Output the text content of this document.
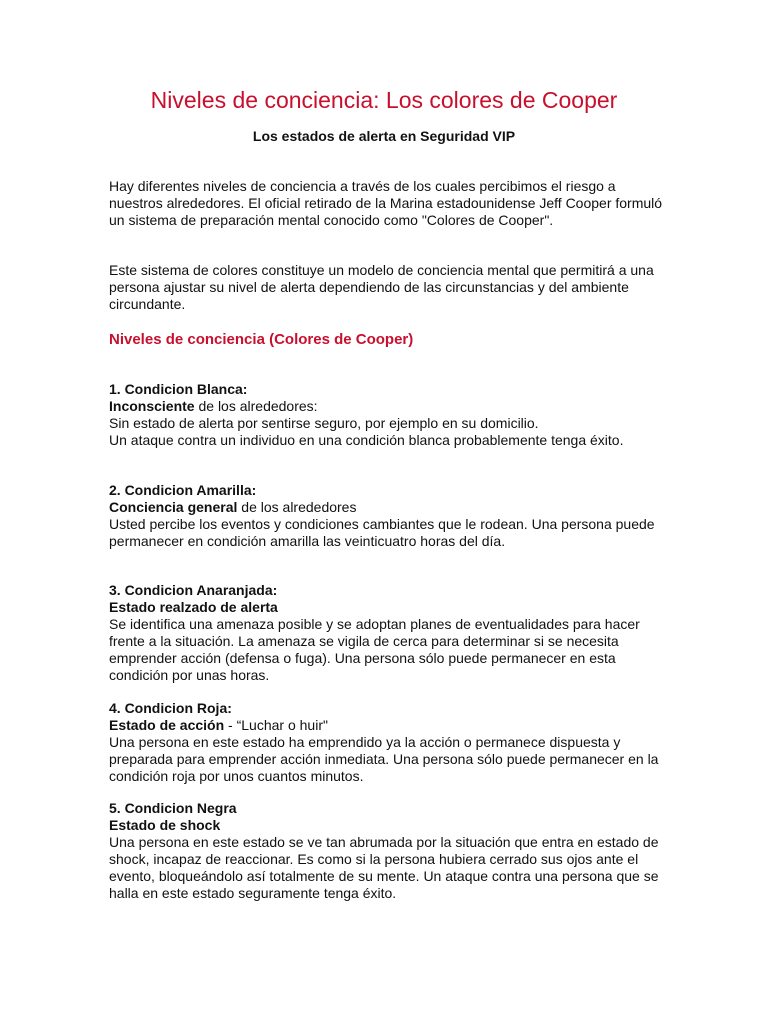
Niveles de conciencia: Los colores de Cooper
Los estados de alerta en Seguridad VIP

Hay diferentes niveles de conciencia a través de los cuales percibimos el riesgo a nuestros alrededores. El oficial retirado de la Marina estadounidense Jeff Cooper formuló un sistema de preparación mental conocido como "Colores de Cooper".

Este sistema de colores constituye un modelo de conciencia mental que permitirá a una persona ajustar su nivel de alerta dependiendo de las circunstancias y del ambiente circundante.

Niveles de conciencia (Colores de Cooper)
1. Condicion Blanca:
Inconsciente de los alrededores:
Sin estado de alerta por sentirse seguro, por ejemplo en su domicilio.
Un ataque contra un individuo en una condición blanca probablemente tenga éxito.
2. Condicion Amarilla:
Conciencia general de los alrededores
Usted percibe los eventos y condiciones cambiantes que le rodean. Una persona puede permanecer en condición amarilla las veinticuatro horas del día.
3. Condicion Anaranjada:
Estado realzado de alerta
Se identifica una amenaza posible y se adoptan planes de eventualidades para hacer frente a la situación. La amenaza se vigila de cerca para determinar si se necesita emprender acción (defensa o fuga). Una persona sólo puede permanecer en esta condición por unas horas.
4. Condicion Roja:
Estado de acción - “Luchar o huir"
Una persona en este estado ha emprendido ya la acción o permanece dispuesta y preparada para emprender acción inmediata. Una persona sólo puede permanecer en la condición roja por unos cuantos minutos.
5. Condicion Negra
Estado de shock
Una persona en este estado se ve tan abrumada por la situación que entra en estado de shock, incapaz de reaccionar. Es como si la persona hubiera cerrado sus ojos ante el evento, bloqueándolo así totalmente de su mente. Un ataque contra una persona que se halla en este estado seguramente tenga éxito.
